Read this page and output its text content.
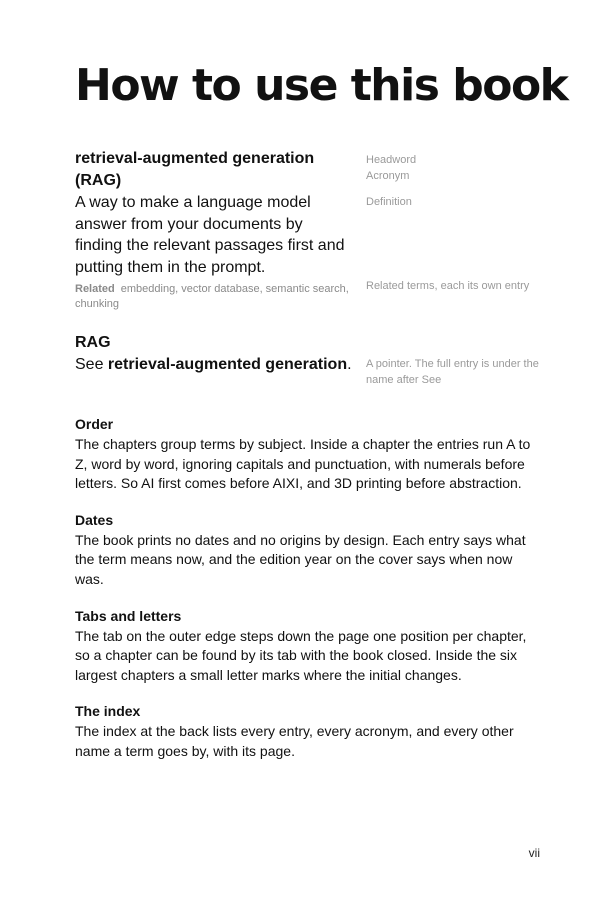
How to use this book
Headword
Acronym
Definition
Related terms, each its own entry
retrieval-augmented generation (RAG)
A way to make a language model answer from your documents by finding the relevant passages first and putting them in the prompt.
Related embedding, vector database, semantic search, chunking
A pointer. The full entry is under the name after See
RAG
See retrieval-augmented generation.
Order

The chapters group terms by subject. Inside a chapter the entries run A to Z, word by word, ignoring capitals and punctuation, with numerals before letters. So AI first comes before AIXI, and 3D printing before abstraction.

Dates

The book prints no dates and no origins by design. Each entry says what the term means now, and the edition year on the cover says when now was.

Tabs and letters

The tab on the outer edge steps down the page one position per chapter, so a chapter can be found by its tab with the book closed. Inside the six largest chapters a small letter marks where the initial changes.

The index

The index at the back lists every entry, every acronym, and every other name a term goes by, with its page.

vii
